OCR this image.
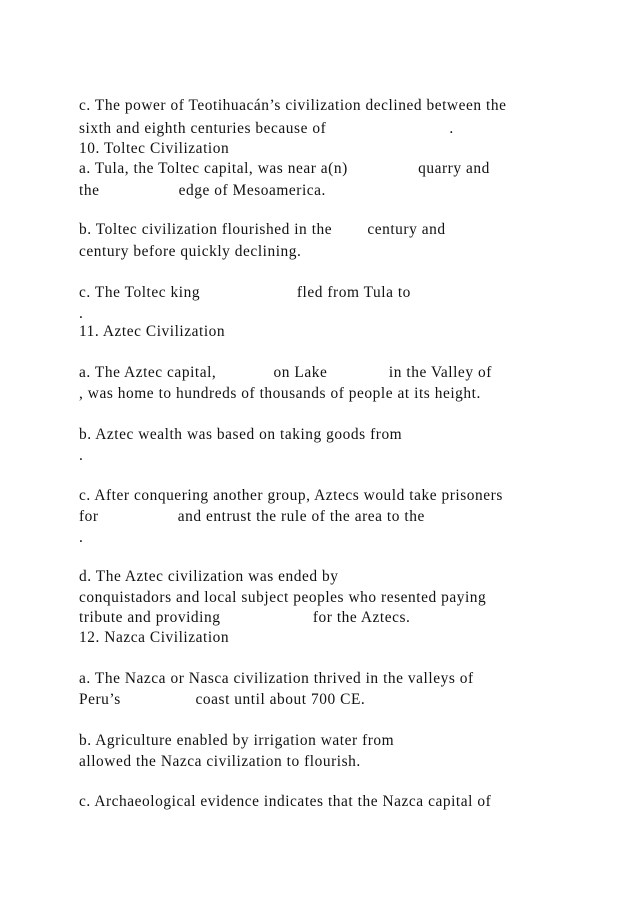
c. The power of Teotihuacán’s civilization declined between the

sixth and eighth centuries because of                            .

10. Toltec Civilization

a. Tula, the Toltec capital, was near a(n)                quarry and

the                  edge of Mesoamerica.

b. Toltec civilization flourished in the        century and

century before quickly declining.

c. The Toltec king                      fled from Tula to

.

11. Aztec Civilization

a. The Aztec capital,             on Lake              in the Valley of

, was home to hundreds of thousands of people at its height.

b. Aztec wealth was based on taking goods from

.

c. After conquering another group, Aztecs would take prisoners

for                  and entrust the rule of the area to the

.

d. The Aztec civilization was ended by

conquistadors and local subject peoples who resented paying

tribute and providing                     for the Aztecs.

12. Nazca Civilization

a. The Nazca or Nasca civilization thrived in the valleys of

Peru’s                 coast until about 700 CE.

b. Agriculture enabled by irrigation water from

allowed the Nazca civilization to flourish.

c. Archaeological evidence indicates that the Nazca capital of
